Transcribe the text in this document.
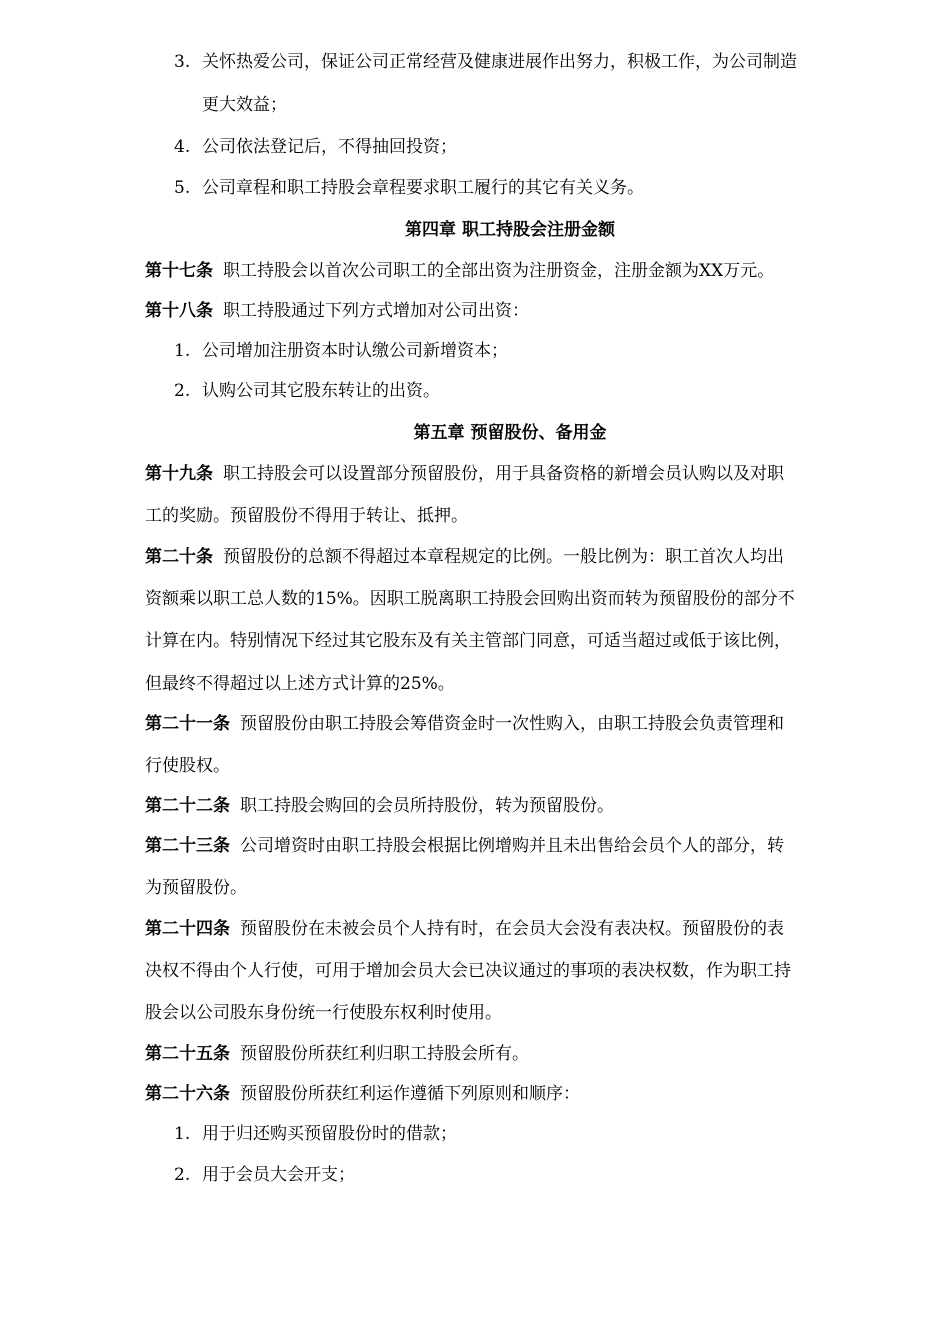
3. 关怀热爱公司，保证公司正常经营及健康进展作出努力，积极工作，为公司制造
更大效益；
4. 公司依法登记后，不得抽回投资；
5. 公司章程和职工持股会章程要求职工履行的其它有关义务。
第四章 职工持股会注册金额
第十七条 职工持股会以首次公司职工的全部出资为注册资金，注册金额为XX万元。
第十八条 职工持股通过下列方式增加对公司出资：
1. 公司增加注册资本时认缴公司新增资本；
2. 认购公司其它股东转让的出资。
第五章 预留股份、备用金
第十九条 职工持股会可以设置部分预留股份，用于具备资格的新增会员认购以及对职
工的奖励。预留股份不得用于转让、抵押。
第二十条 预留股份的总额不得超过本章程规定的比例。一般比例为：职工首次人均出
资额乘以职工总人数的15%。因职工脱离职工持股会回购出资而转为预留股份的部分不
计算在内。特别情况下经过其它股东及有关主管部门同意，可适当超过或低于该比例，
但最终不得超过以上述方式计算的25%。
第二十一条 预留股份由职工持股会筹借资金时一次性购入，由职工持股会负责管理和
行使股权。
第二十二条 职工持股会购回的会员所持股份，转为预留股份。
第二十三条 公司增资时由职工持股会根据比例增购并且未出售给会员个人的部分，转
为预留股份。
第二十四条 预留股份在未被会员个人持有时，在会员大会没有表决权。预留股份的表
决权不得由个人行使，可用于增加会员大会已决议通过的事项的表决权数，作为职工持
股会以公司股东身份统一行使股东权利时使用。
第二十五条 预留股份所获红利归职工持股会所有。
第二十六条 预留股份所获红利运作遵循下列原则和顺序：
1. 用于归还购买预留股份时的借款；
2. 用于会员大会开支；
